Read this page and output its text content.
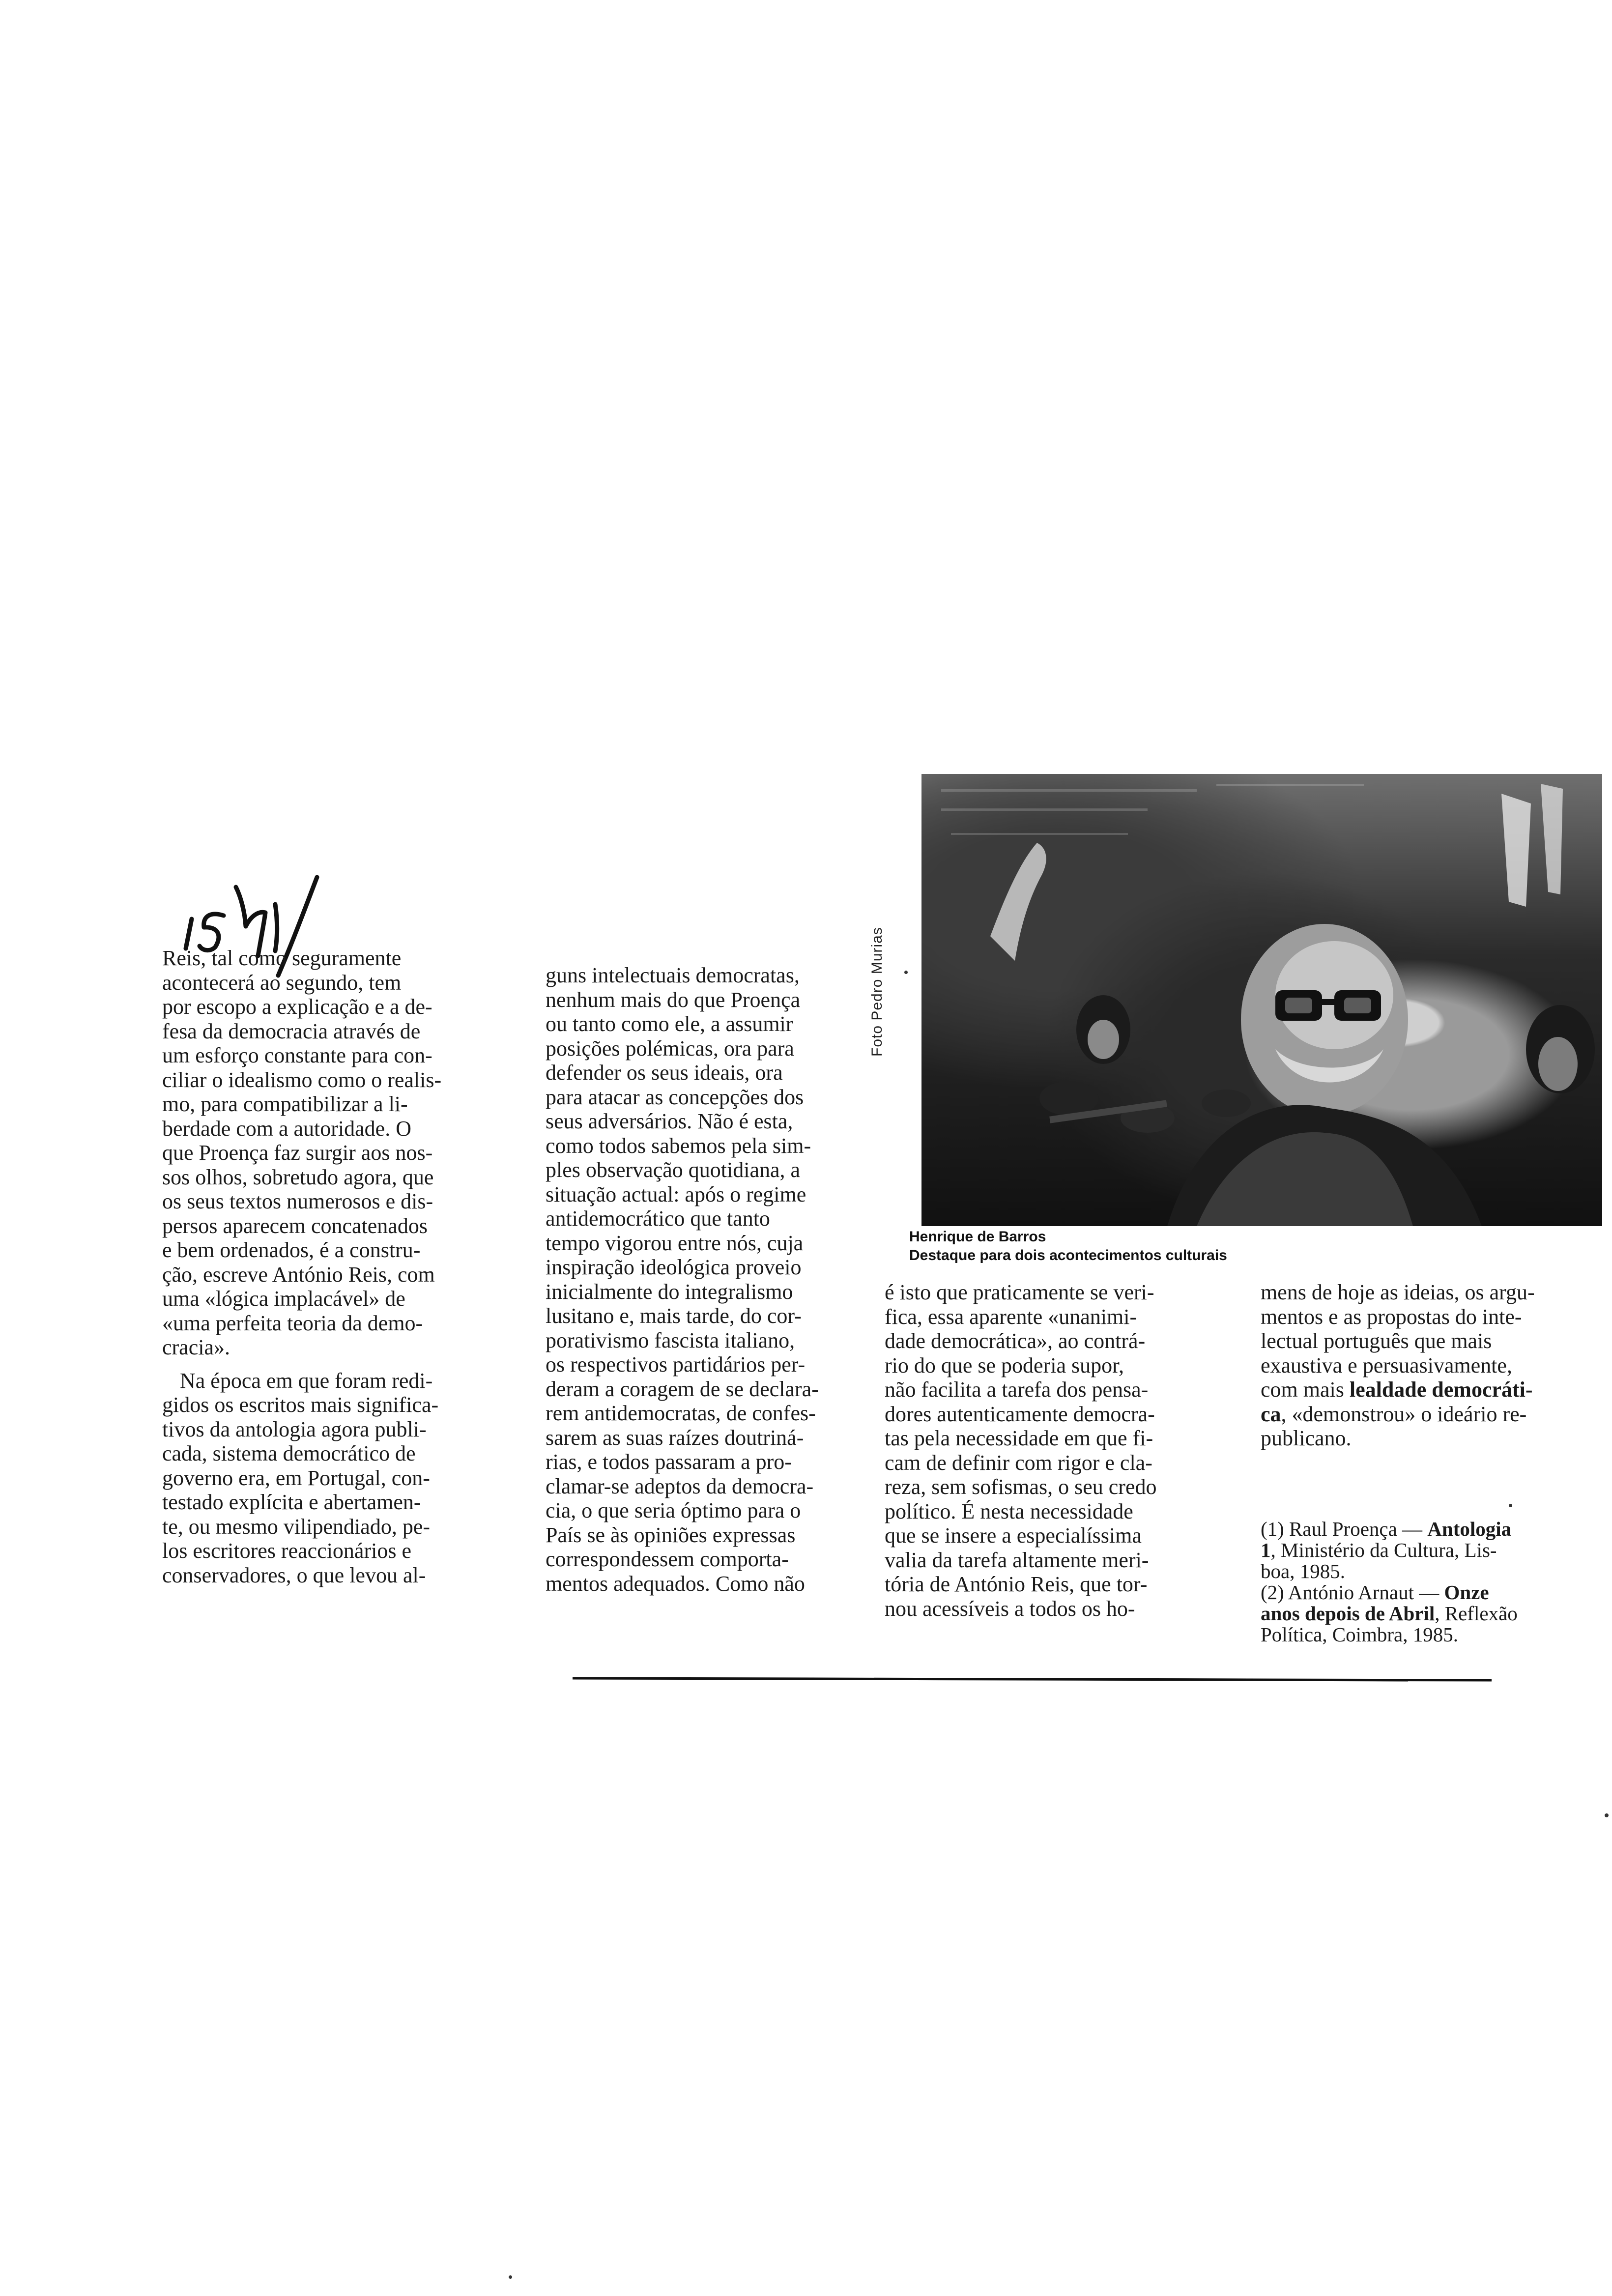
Reis, tal como seguramente
acontecerá ao segundo, tem
por escopo a explicação e a de-
fesa da democracia através de
um esforço constante para con-
ciliar o idealismo como o realis-
mo, para compatibilizar a li-
berdade com a autoridade. O
que Proença faz surgir aos nos-
sos olhos, sobretudo agora, que
os seus textos numerosos e dis-
persos aparecem concatenados
e bem ordenados, é a constru-
ção, escreve António Reis, com
uma «lógica implacável» de
«uma perfeita teoria da demo-
cracia».

Na época em que foram redi-
gidos os escritos mais significa-
tivos da antologia agora publi-
cada, sistema democrático de
governo era, em Portugal, con-
testado explícita e abertamen-
te, ou mesmo vilipendiado, pe-
los escritores reaccionários e
conservadores, o que levou al-

guns intelectuais democratas,
nenhum mais do que Proença
ou tanto como ele, a assumir
posições polémicas, ora para
defender os seus ideais, ora
para atacar as concepções dos
seus adversários. Não é esta,
como todos sabemos pela sim-
ples observação quotidiana, a
situação actual: após o regime
antidemocrático que tanto
tempo vigorou entre nós, cuja
inspiração ideológica proveio
inicialmente do integralismo
lusitano e, mais tarde, do cor-
porativismo fascista italiano,
os respectivos partidários per-
deram a coragem de se declara-
rem antidemocratas, de confes-
sarem as suas raízes doutriná-
rias, e todos passaram a pro-
clamar-se adeptos da democra-
cia, o que seria óptimo para o
País se às opiniões expressas
correspondessem comporta-
mentos adequados. Como não

Foto Pedro Murias
Henrique de Barros
Destaque para dois acontecimentos culturais

é isto que praticamente se veri-
fica, essa aparente «unanimi-
dade democrática», ao contrá-
rio do que se poderia supor,
não facilita a tarefa dos pensa-
dores autenticamente democra-
tas pela necessidade em que fi-
cam de definir com rigor e cla-
reza, sem sofismas, o seu credo
político. É nesta necessidade
que se insere a especialíssima
valia da tarefa altamente meri-
tória de António Reis, que tor-
nou acessíveis a todos os ho-

mens de hoje as ideias, os argu-
mentos e as propostas do inte-
lectual português que mais
exaustiva e persuasivamente,
com mais lealdade democráti-
ca, «demonstrou» o ideário re-
publicano.

(1) Raul Proença — Antologia
1, Ministério da Cultura, Lis-
boa, 1985.

(2) António Arnaut — Onze
anos depois de Abril, Reflexão
Política, Coimbra, 1985.
